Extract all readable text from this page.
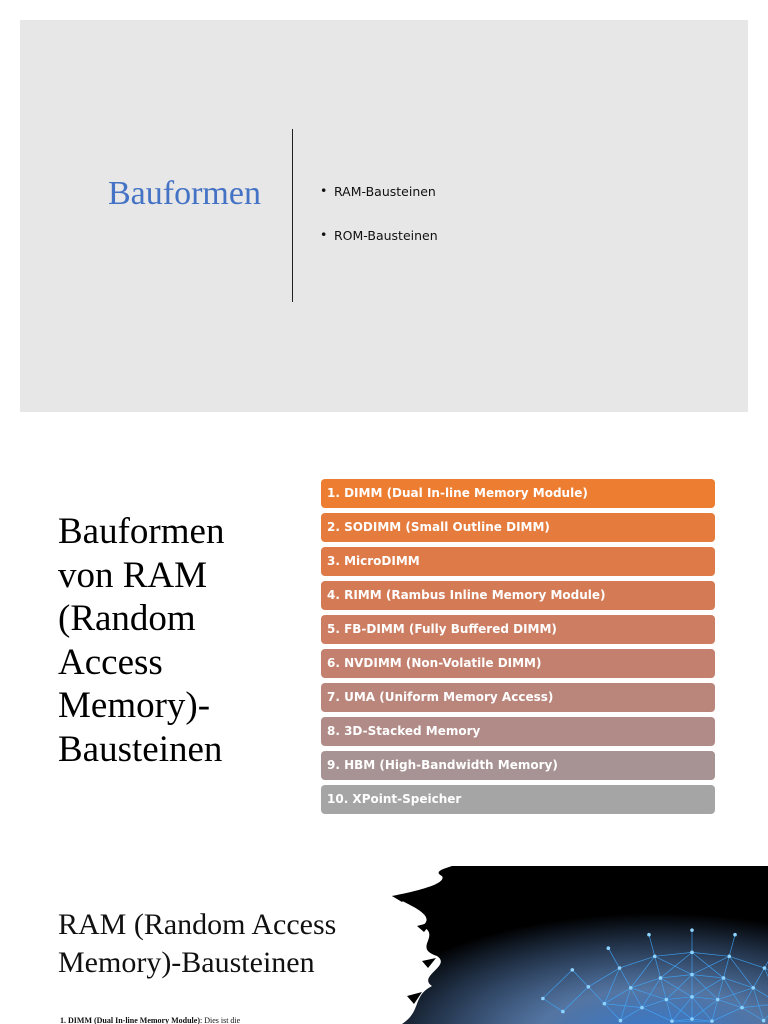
Bauformen
•	RAM-Bausteinen
• ROM-Bausteinen
Bauformen
von RAM
(Random
Access
Memory)-
Bausteinen
1. DIMM (Dual In-line Memory Module)
2. SODIMM (Small Outline DIMM)
3. MicroDIMM
4. RIMM (Rambus Inline Memory Module)
5. FB-DIMM (Fully Buffered DIMM)
6. NVDIMM (Non-Volatile DIMM)
7. UMA (Uniform Memory Access)
8. 3D-Stacked Memory
9. HBM (High-Bandwidth Memory)
10. XPoint-Speicher
RAM (Random Access
Memory)-Bausteinen
1. DIMM (Dual In-line Memory Module): Dies ist die
